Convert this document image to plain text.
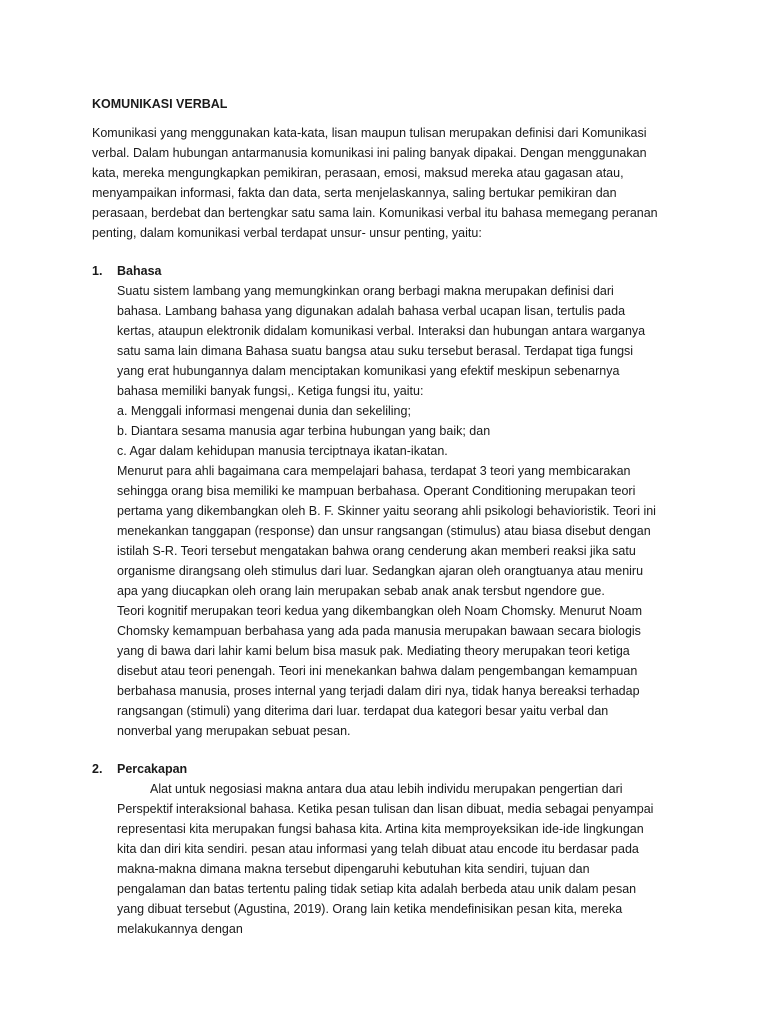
KOMUNIKASI VERBAL

Komunikasi yang menggunakan kata-kata, lisan maupun tulisan merupakan definisi dari Komunikasi verbal. Dalam hubungan antarmanusia komunikasi ini paling banyak dipakai. Dengan menggunakan kata, mereka mengungkapkan pemikiran, perasaan, emosi, maksud mereka atau gagasan atau, menyampaikan informasi, fakta dan data, serta menjelaskannya, saling bertukar pemikiran dan perasaan, berdebat dan bertengkar satu sama lain. Komunikasi verbal itu bahasa memegang peranan penting, dalam komunikasi verbal terdapat unsur- unsur penting, yaitu:

1.	Bahasa

Suatu sistem lambang yang memungkinkan orang berbagi makna merupakan definisi dari bahasa. Lambang bahasa yang digunakan adalah bahasa verbal ucapan lisan, tertulis pada kertas, ataupun elektronik didalam komunikasi verbal. Interaksi dan hubungan antara warganya satu sama lain dimana Bahasa suatu bangsa atau suku tersebut berasal. Terdapat tiga fungsi yang erat hubungannya dalam menciptakan komunikasi yang efektif meskipun sebenarnya bahasa memiliki banyak fungsi,. Ketiga fungsi itu, yaitu:

a. Menggali informasi mengenai dunia dan sekeliling;

b. Diantara sesama manusia agar terbina hubungan yang baik; dan

c. Agar dalam kehidupan manusia terciptnaya ikatan-ikatan.

Menurut para ahli bagaimana cara mempelajari bahasa, terdapat 3 teori yang membicarakan sehingga orang bisa memiliki ke mampuan berbahasa. Operant Conditioning merupakan teori pertama yang dikembangkan oleh B. F. Skinner yaitu seorang ahli psikologi behavioristik. Teori ini menekankan tanggapan (response) dan unsur rangsangan (stimulus) atau biasa disebut dengan istilah S-R. Teori tersebut mengatakan bahwa orang cenderung akan memberi reaksi jika satu organisme dirangsang oleh stimulus dari luar. Sedangkan ajaran oleh orangtuanya atau meniru apa yang diucapkan oleh orang lain merupakan sebab anak anak tersbut ngendore gue.

Teori kognitif merupakan teori kedua yang dikembangkan oleh Noam Chomsky. Menurut Noam Chomsky kemampuan berbahasa yang ada pada manusia merupakan bawaan secara biologis yang di bawa dari lahir kami belum bisa masuk pak. Mediating theory merupakan teori ketiga disebut atau teori penengah. Teori ini menekankan bahwa dalam pengembangan kemampuan berbahasa manusia, proses internal yang terjadi dalam diri nya, tidak hanya bereaksi terhadap rangsangan (stimuli) yang diterima dari luar. terdapat dua kategori besar yaitu verbal dan nonverbal yang merupakan sebuat pesan.

2.	Percakapan

Alat untuk negosiasi makna antara dua atau lebih individu merupakan pengertian dari Perspektif interaksional bahasa. Ketika pesan tulisan dan lisan dibuat, media sebagai penyampai representasi kita merupakan fungsi bahasa kita. Artina kita memproyeksikan ide-ide lingkungan kita dan diri kita sendiri. pesan atau informasi yang telah dibuat atau encode itu berdasar pada makna-makna dimana makna tersebut dipengaruhi kebutuhan kita sendiri, tujuan dan pengalaman dan batas tertentu paling tidak setiap kita adalah berbeda atau unik dalam pesan yang dibuat tersebut (Agustina, 2019). Orang lain ketika mendefinisikan pesan kita, mereka melakukannya dengan
